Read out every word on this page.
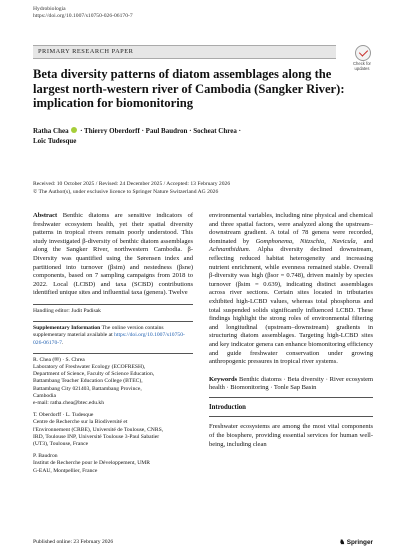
Hydrobiologia
https://doi.org/10.1007/s10750-026-06170-7
PRIMARY RESEARCH PAPER
Check for
updates
Beta diversity patterns of diatom assemblages along the largest north-western river of Cambodia (Sangker River): implication for biomonitoring
Ratha Chea · Thierry Oberdorff · Paul Baudron · Socheat Chrea ·
Loïc Tudesque
Received: 10 October 2025 / Revised: 24 December 2025 / Accepted: 13 February 2026
© The Author(s), under exclusive licence to Springer Nature Switzerland AG 2026
Abstract Benthic diatoms are sensitive indicators of freshwater ecosystem health, yet their spatial diversity patterns in tropical rivers remain poorly understood. This study investigated β-diversity of benthic diatom assemblages along the Sangker River, northwestern Cambodia. β-Diversity was quantified using the Sørensen index and partitioned into turnover (βsim) and nestedness (βsne) components, based on 7 sampling campaigns from 2018 to 2022. Local (LCBD) and taxa (SCBD) contributions identified unique sites and influential taxa (genera). Twelve
Handling editor: Judit Padisak
Supplementary Information The online version contains supplementary material available at https://doi.org/10.1007/s10750-026-06170-7.
R. Chea (✉) · S. Chrea
Laboratory of Freshwater Ecology (ECOFRESH),
Department of Science, Faculty of Science Education,
Battambang Teacher Education College (BTEC),
Battambang City 021403, Battambang Province,
Cambodia
e-mail: ratha.chea@btec.edu.kh
T. Oberdorff · L. Tudesque
Centre de Recherche sur la Biodiversité et
l'Environnement (CRBE), Université de Toulouse, CNRS,
IRD, Toulouse INP, Université Toulouse 3-Paul Sabatier
(UT3), Toulouse, France
P. Baudron
Institut de Recherche pour le Développement, UMR
G-EAU, Montpellier, France
environmental variables, including nine physical and chemical and three spatial factors, were analyzed along the upstream–downstream gradient. A total of 78 genera were recorded, dominated by Gomphonema, Nitzschia, Navicula, and Achnanthidium. Alpha diversity declined downstream, reflecting reduced habitat heterogeneity and increasing nutrient enrichment, while evenness remained stable. Overall β-diversity was high (βsor = 0.748), driven mainly by species turnover (βsim = 0.639), indicating distinct assemblages across river sections. Certain sites located in tributaries exhibited high-LCBD values, whereas total phosphorus and total suspended solids significantly influenced LCBD. These findings highlight the strong roles of environmental filtering and longitudinal (upstream–downstream) gradients in structuring diatom assemblages. Targeting high-LCBD sites and key indicator genera can enhance biomonitoring efficiency and guide freshwater conservation under growing anthropogenic pressures in tropical river systems.
Keywords Benthic diatoms · Beta diversity · River ecosystem health · Biomonitoring · Tonle Sap Basin
Introduction
Freshwater ecosystems are among the most vital components of the biosphere, providing essential services for human well-being, including clean
Published online: 23 February 2026	♞ Springer
